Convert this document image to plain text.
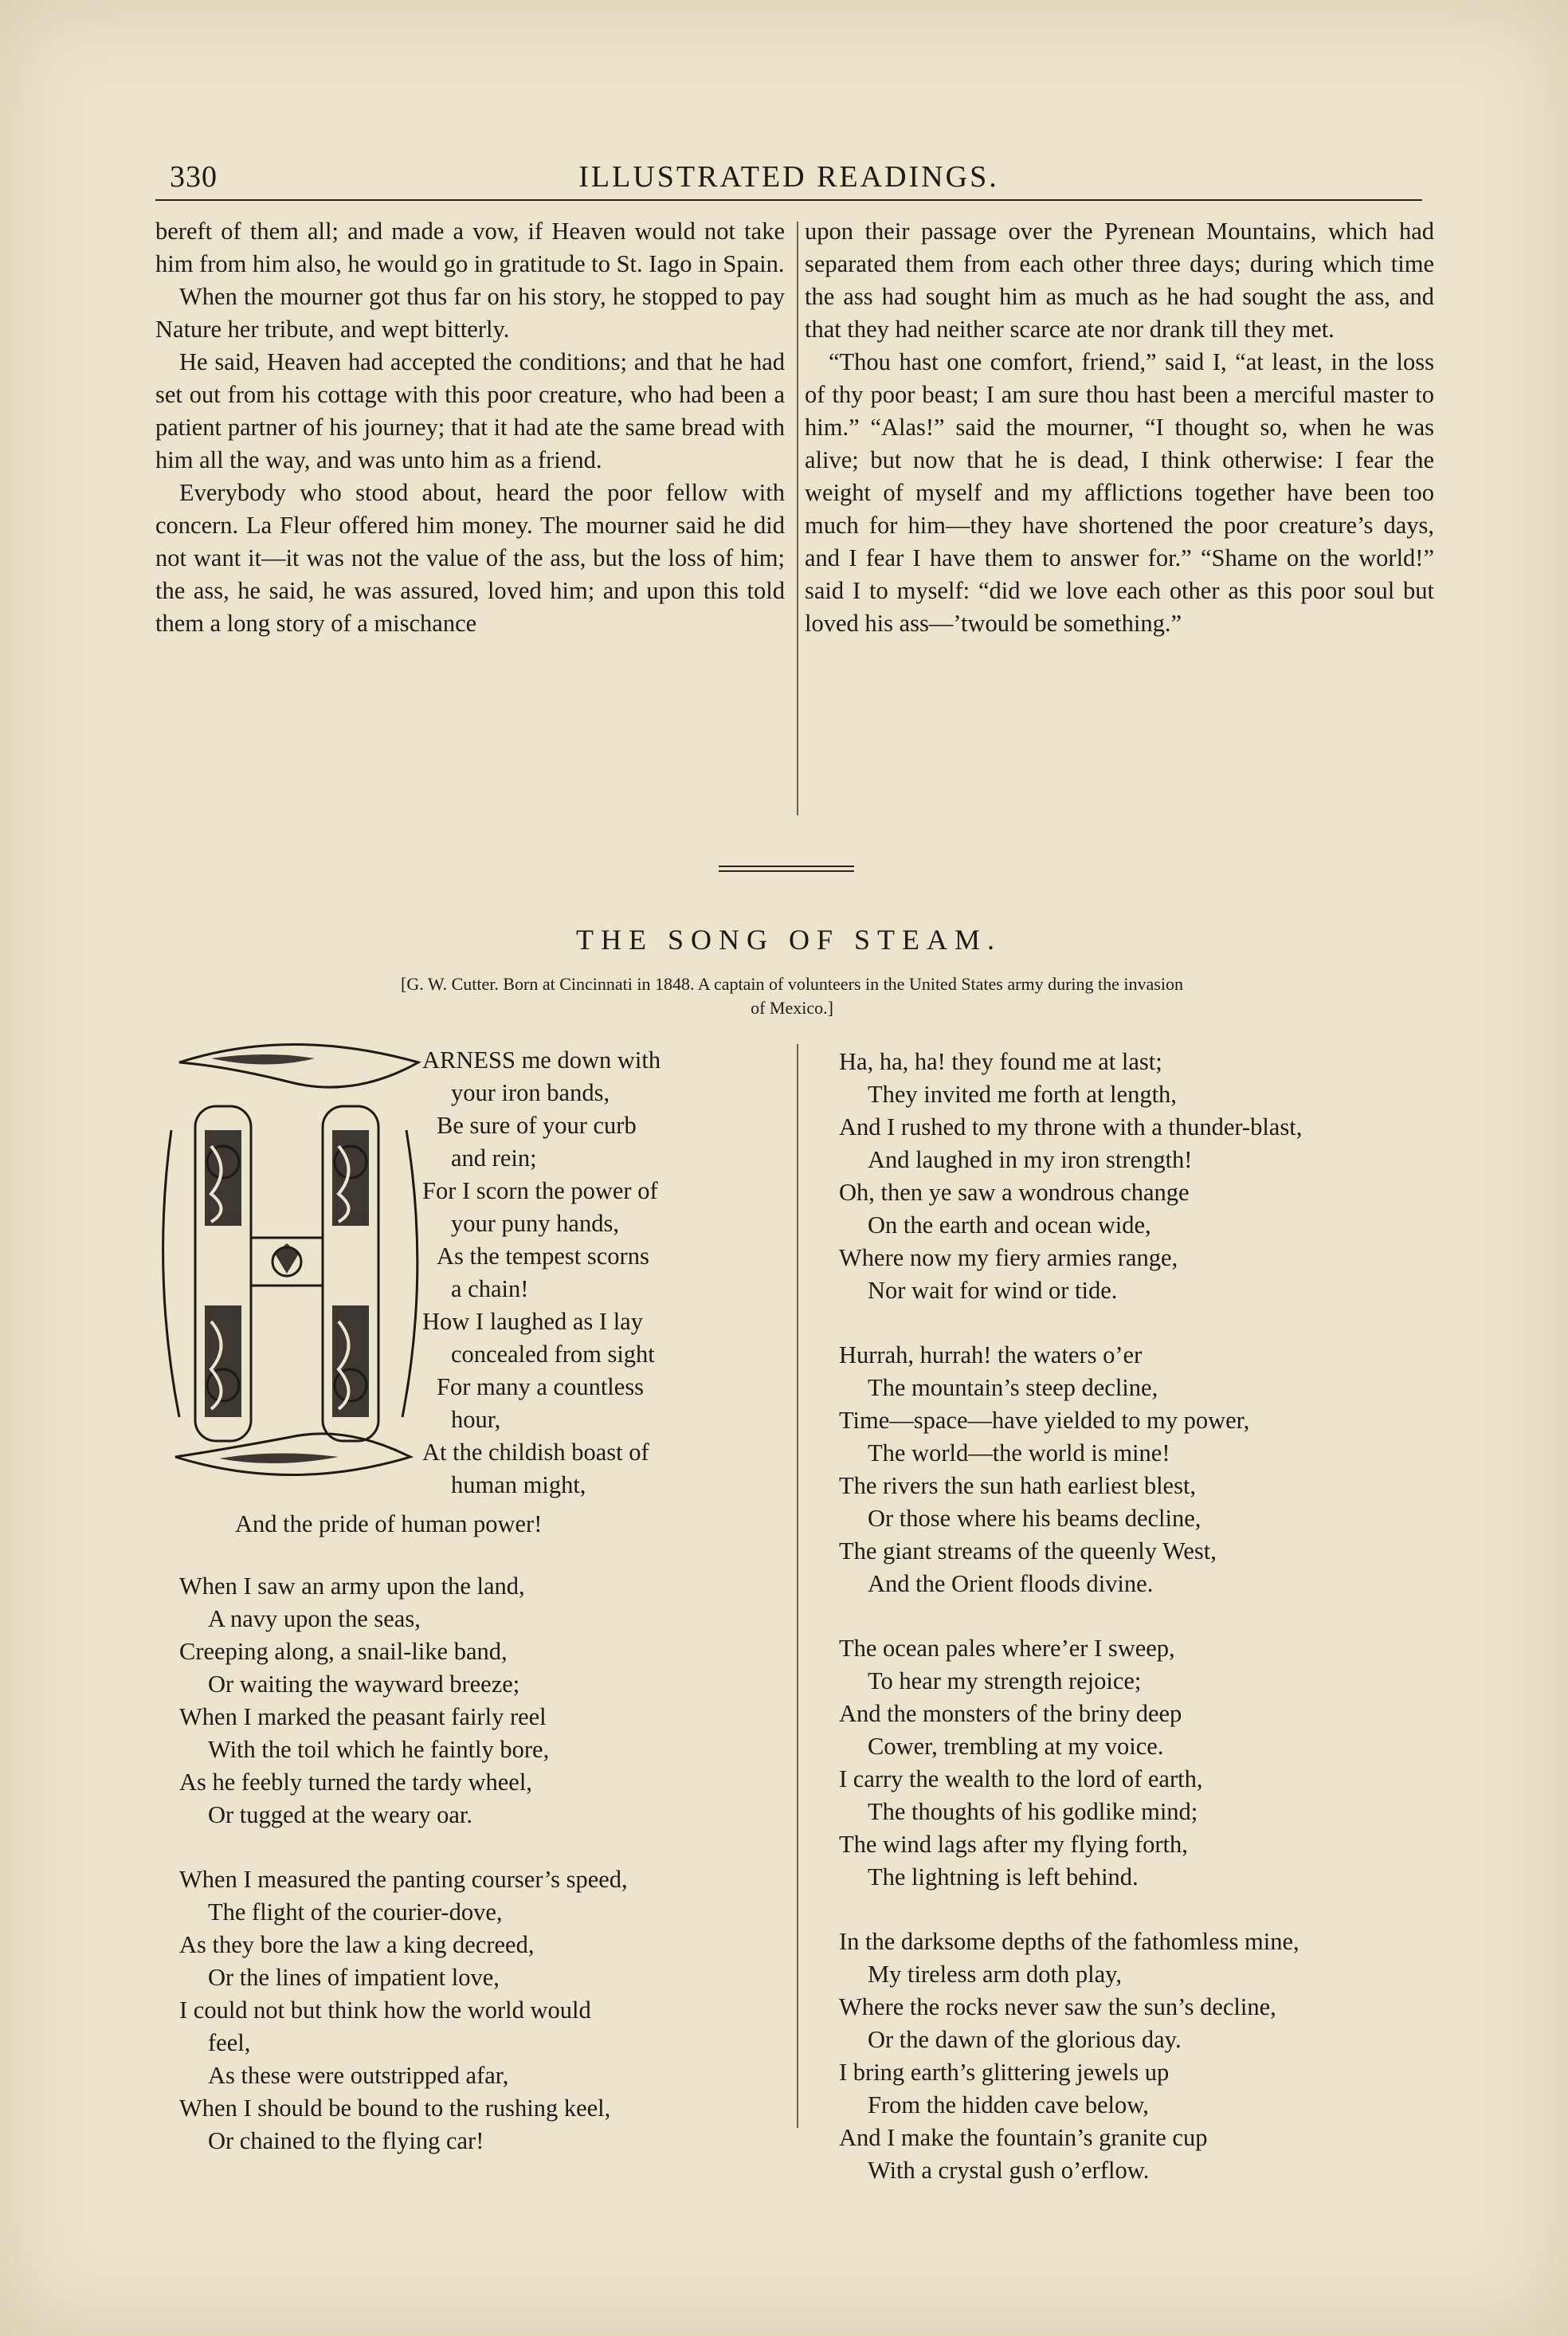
330	ILLUSTRATED READINGS.

bereft of them all; and made a vow, if Heaven would not take him from him also, he would go in gratitude to St. Iago in Spain.

When the mourner got thus far on his story, he stopped to pay Nature her tribute, and wept bitterly.

He said, Heaven had accepted the conditions; and that he had set out from his cottage with this poor creature, who had been a patient partner of his journey; that it had ate the same bread with him all the way, and was unto him as a friend.

Everybody who stood about, heard the poor fellow with concern. La Fleur offered him money. The mourner said he did not want it—it was not the value of the ass, but the loss of him; the ass, he said, he was assured, loved him; and upon this told them a long story of a mischance

upon their passage over the Pyrenean Mountains, which had separated them from each other three days; during which time the ass had sought him as much as he had sought the ass, and that they had neither scarce ate nor drank till they met.

“Thou hast one comfort, friend,” said I, “at least, in the loss of thy poor beast; I am sure thou hast been a merciful master to him.” “Alas!” said the mourner, “I thought so, when he was alive; but now that he is dead, I think otherwise: I fear the weight of myself and my afflictions together have been too much for him—they have shortened the poor creature’s days, and I fear I have them to answer for.” “Shame on the world!” said I to myself: “did we love each other as this poor soul but loved his ass—’twould be something.”

THE SONG OF STEAM.
[G. W. Cutter. Born at Cincinnati in 1848. A captain of volunteers in the United States army during the invasion
of Mexico.]
ARNESS me down with
your iron bands,
Be sure of your curb
and rein;
For I scorn the power of
your puny hands,
As the tempest scorns
a chain!
How I laughed as I lay
concealed from sight
For many a countless
hour,
At the childish boast of
human might,
And the pride of human power!
When I saw an army upon the land,
A navy upon the seas,
Creeping along, a snail-like band,
Or waiting the wayward breeze;
When I marked the peasant fairly reel
With the toil which he faintly bore,
As he feebly turned the tardy wheel,
Or tugged at the weary oar.
When I measured the panting courser’s speed,
The flight of the courier-dove,
As they bore the law a king decreed,
Or the lines of impatient love,
I could not but think how the world would
feel,
As these were outstripped afar,
When I should be bound to the rushing keel,
Or chained to the flying car!
Ha, ha, ha! they found me at last;
They invited me forth at length,
And I rushed to my throne with a thunder-blast,
And laughed in my iron strength!
Oh, then ye saw a wondrous change
On the earth and ocean wide,
Where now my fiery armies range,
Nor wait for wind or tide.
Hurrah, hurrah! the waters o’er
The mountain’s steep decline,
Time—space—have yielded to my power,
The world—the world is mine!
The rivers the sun hath earliest blest,
Or those where his beams decline,
The giant streams of the queenly West,
And the Orient floods divine.
The ocean pales where’er I sweep,
To hear my strength rejoice;
And the monsters of the briny deep
Cower, trembling at my voice.
I carry the wealth to the lord of earth,
The thoughts of his godlike mind;
The wind lags after my flying forth,
The lightning is left behind.
In the darksome depths of the fathomless mine,
My tireless arm doth play,
Where the rocks never saw the sun’s decline,
Or the dawn of the glorious day.
I bring earth’s glittering jewels up
From the hidden cave below,
And I make the fountain’s granite cup
With a crystal gush o’erflow.
